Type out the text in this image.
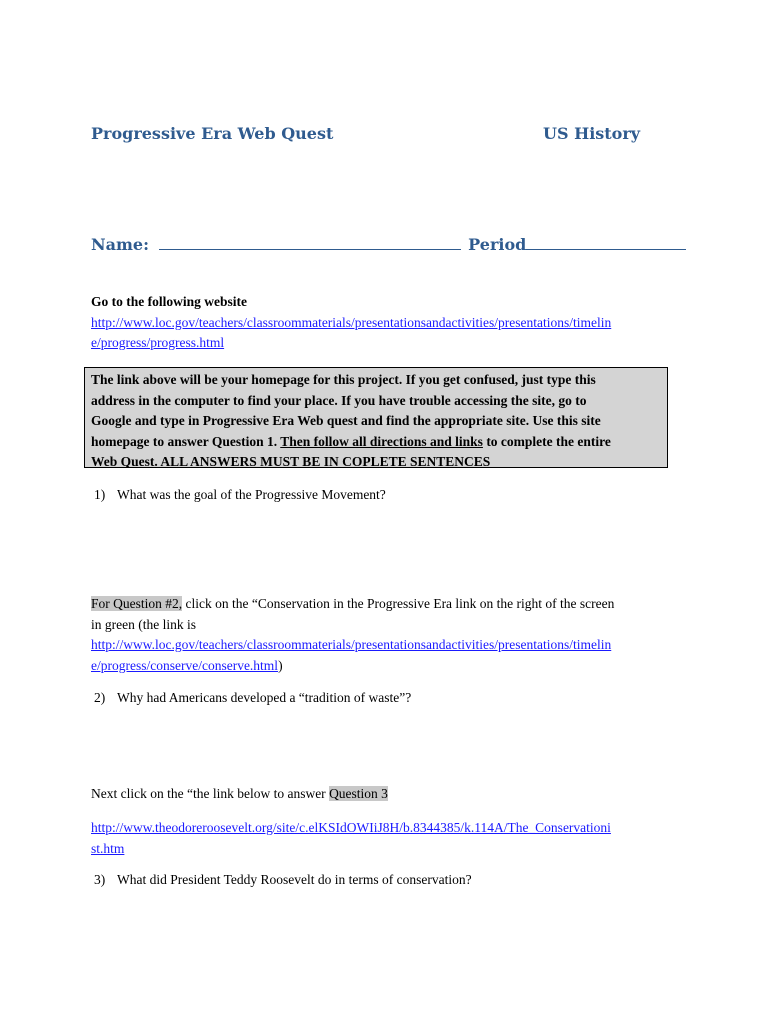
Progressive Era Web Quest	US History
Name:	Period
Go to the following website
http://www.loc.gov/teachers/classroommaterials/presentationsandactivities/presentations/timelin
e/progress/progress.html
The link above will be your homepage for this project. If you get confused, just type this
address in the computer to find your place. If you have trouble accessing the site, go to
Google and type in Progressive Era Web quest and find the appropriate site. Use this site
homepage to answer Question 1. Then follow all directions and links to complete the entire
Web Quest. ALL ANSWERS MUST BE IN COPLETE SENTENCES
1) What was the goal of the Progressive Movement?
For Question #2, click on the “Conservation in the Progressive Era link on the right of the screen
in green (the link is
http://www.loc.gov/teachers/classroommaterials/presentationsandactivities/presentations/timelin
e/progress/conserve/conserve.html)
2) Why had Americans developed a “tradition of waste”?
Next click on the “the link below to answer Question 3
http://www.theodoreroosevelt.org/site/c.elKSIdOWIiJ8H/b.8344385/k.114A/The_Conservationi
st.htm
3) What did President Teddy Roosevelt do in terms of conservation?
